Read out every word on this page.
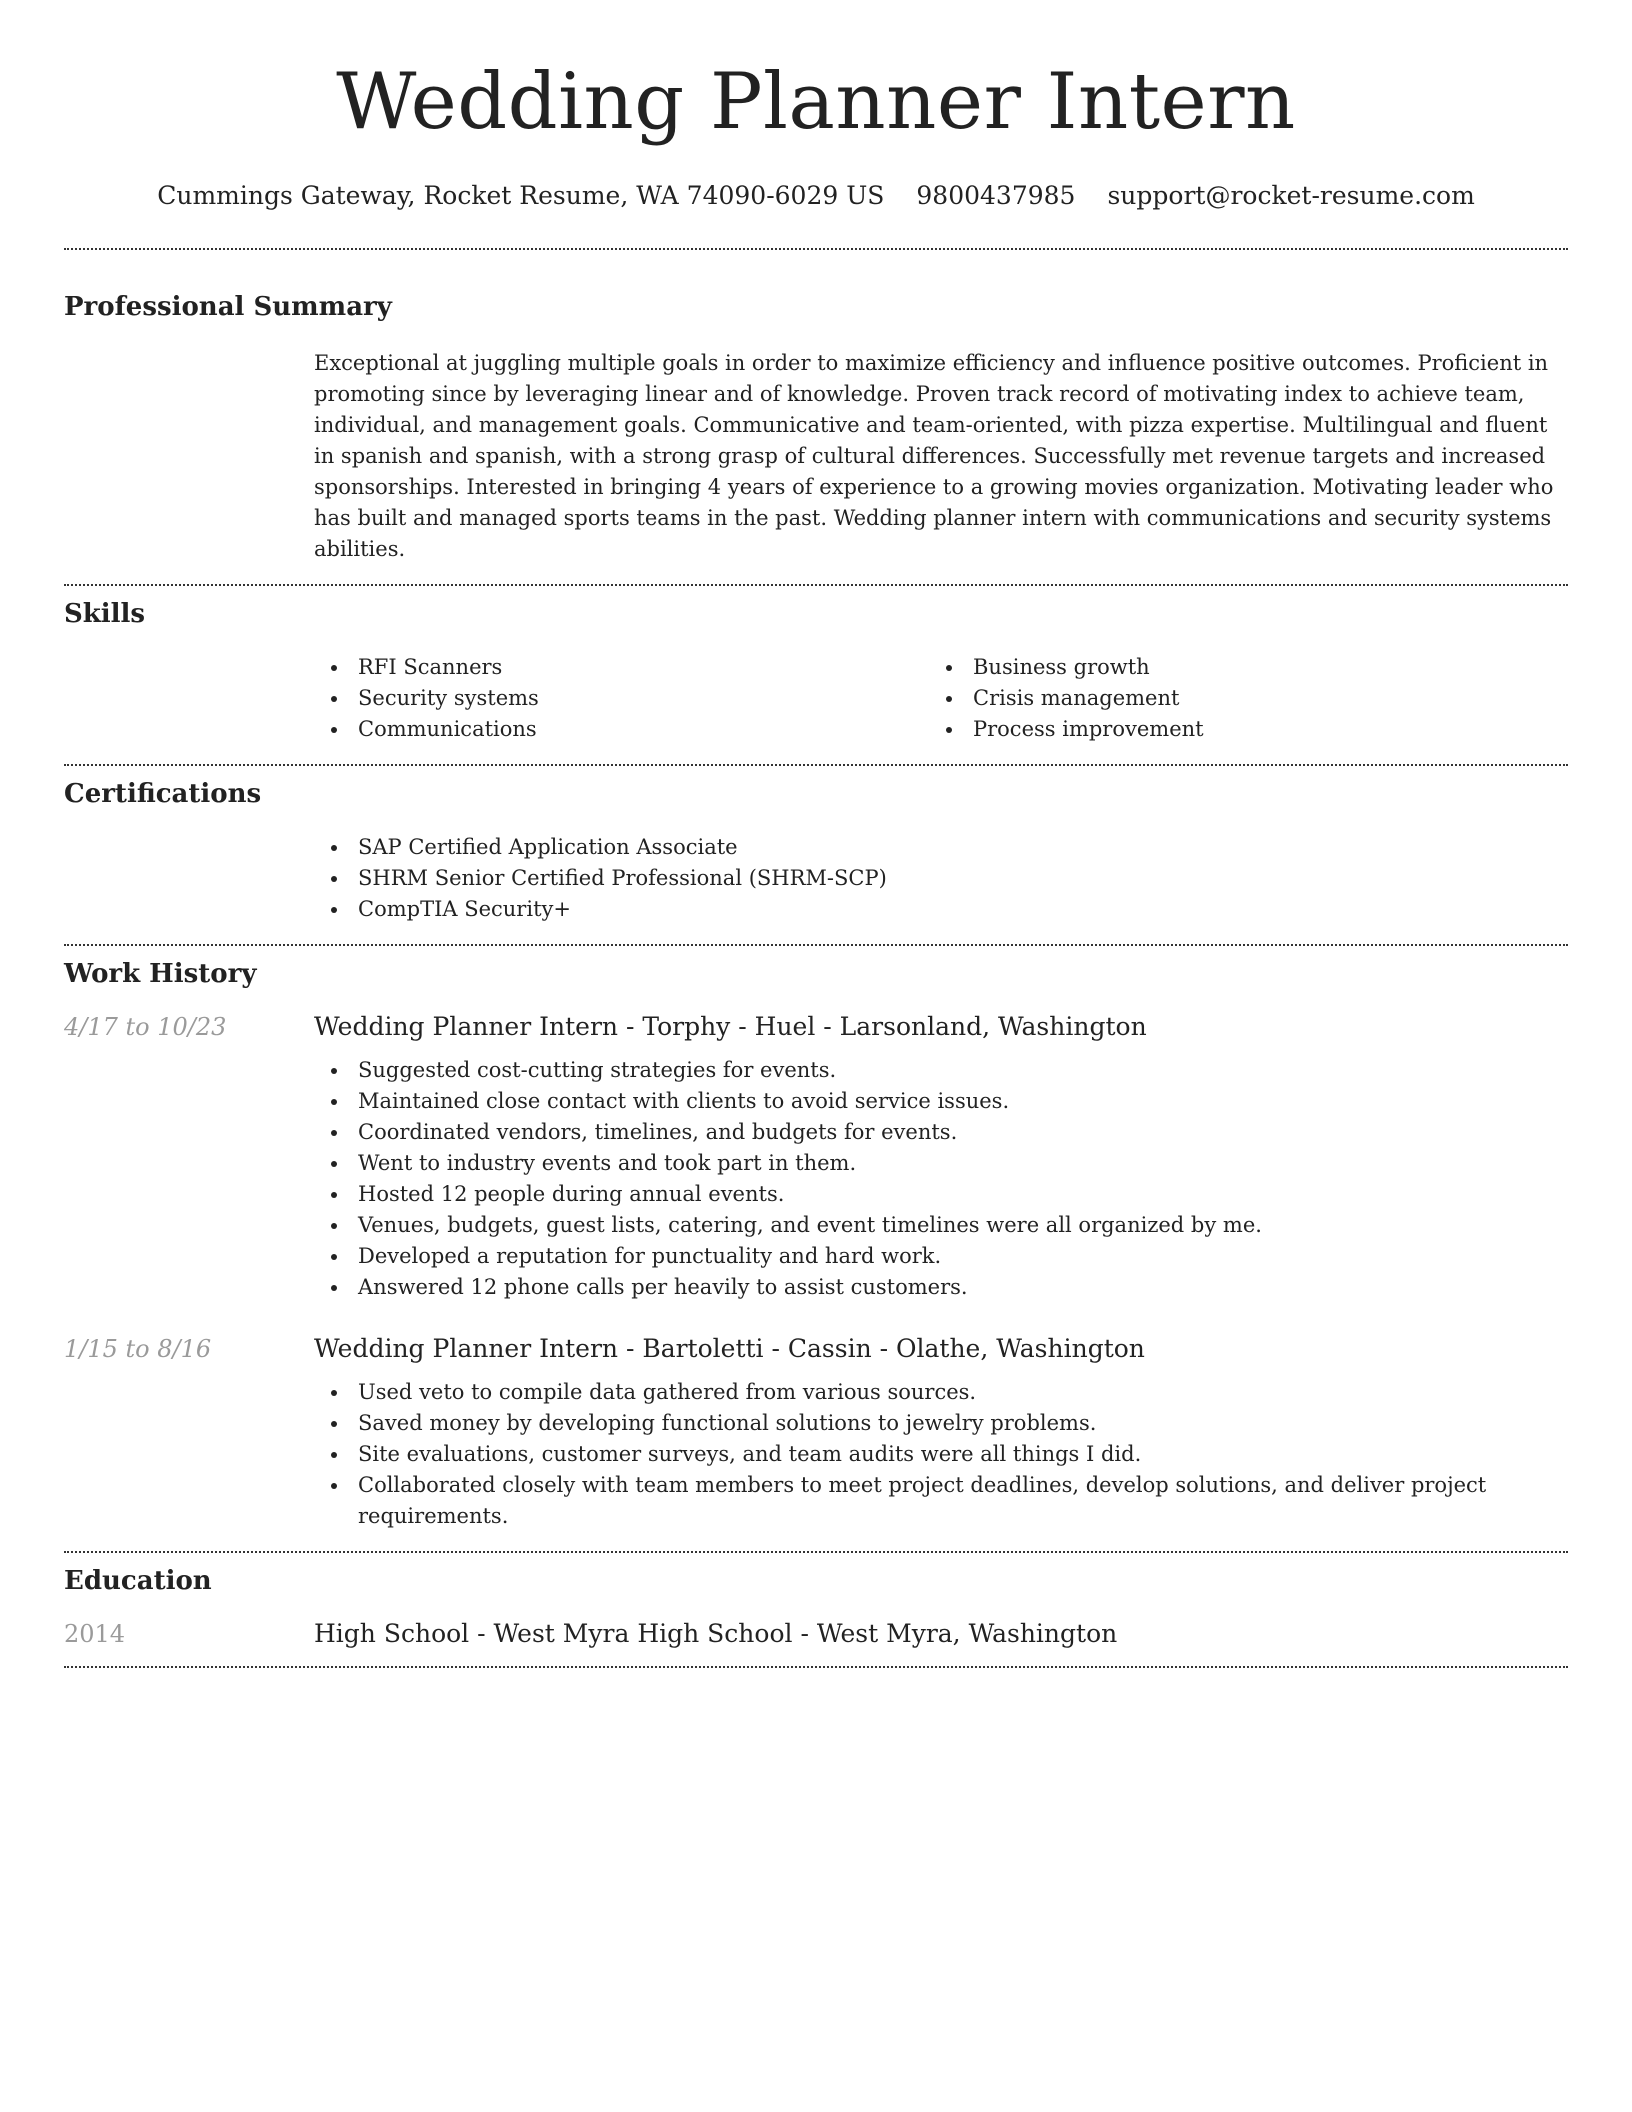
Wedding Planner Intern
Cummings Gateway, Rocket Resume, WA 74090-6029 US 9800437985 support@rocket-resume.com
Professional Summary

Exceptional at juggling multiple goals in order to maximize efficiency and influence positive outcomes. Proficient in promoting since by leveraging linear and of knowledge. Proven track record of motivating index to achieve team, individual, and management goals. Communicative and team-oriented, with pizza expertise. Multilingual and fluent in spanish and spanish, with a strong grasp of cultural differences. Successfully met revenue targets and increased sponsorships. Interested in bringing 4 years of experience to a growing movies organization. Motivating leader who has built and managed sports teams in the past. Wedding planner intern with communications and security systems abilities.

Skills
RFI Scanners
Security systems
Communications
Business growth
Crisis management
Process improvement
Certifications
SAP Certified Application Associate
SHRM Senior Certified Professional (SHRM-SCP)
CompTIA Security+
Work History
4/17 to 10/23	Wedding Planner Intern - Torphy - Huel - Larsonland, Washington
Suggested cost-cutting strategies for events.
Maintained close contact with clients to avoid service issues.
Coordinated vendors, timelines, and budgets for events.
Went to industry events and took part in them.
Hosted 12 people during annual events.
Venues, budgets, guest lists, catering, and event timelines were all organized by me.
Developed a reputation for punctuality and hard work.
Answered 12 phone calls per heavily to assist customers.
1/15 to 8/16	Wedding Planner Intern - Bartoletti - Cassin - Olathe, Washington
Used veto to compile data gathered from various sources.
Saved money by developing functional solutions to jewelry problems.
Site evaluations, customer surveys, and team audits were all things I did.
Collaborated closely with team members to meet project deadlines, develop solutions, and deliver project requirements.
Education
2014	High School - West Myra High School - West Myra, Washington
